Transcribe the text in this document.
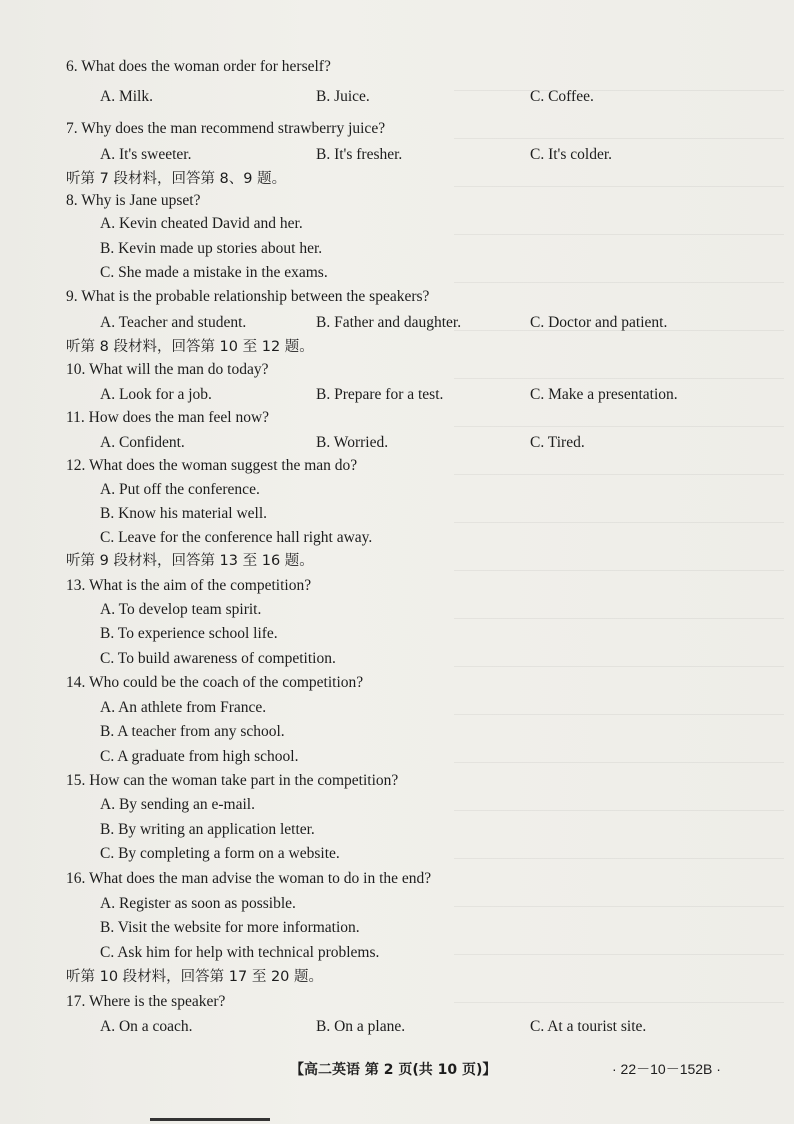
6. What does the woman order for herself?
A. Milk.	B. Juice.	C. Coffee.
7. Why does the man recommend strawberry juice?
A. It's sweeter.	B. It's fresher.	C. It's colder.
听第 7 段材料，回答第 8、9 题。
8. Why is Jane upset?
A. Kevin cheated David and her.
B. Kevin made up stories about her.
C. She made a mistake in the exams.
9. What is the probable relationship between the speakers?
A. Teacher and student.	B. Father and daughter.	C. Doctor and patient.
听第 8 段材料，回答第 10 至 12 题。
10. What will the man do today?
A. Look for a job.	B. Prepare for a test.	C. Make a presentation.
11. How does the man feel now?
A. Confident.	B. Worried.	C. Tired.
12. What does the woman suggest the man do?
A. Put off the conference.
B. Know his material well.
C. Leave for the conference hall right away.
听第 9 段材料，回答第 13 至 16 题。
13. What is the aim of the competition?
A. To develop team spirit.
B. To experience school life.
C. To build awareness of competition.
14. Who could be the coach of the competition?
A. An athlete from France.
B. A teacher from any school.
C. A graduate from high school.
15. How can the woman take part in the competition?
A. By sending an e-mail.
B. By writing an application letter.
C. By completing a form on a website.
16. What does the man advise the woman to do in the end?
A. Register as soon as possible.
B. Visit the website for more information.
C. Ask him for help with technical problems.
听第 10 段材料，回答第 17 至 20 题。
17. Where is the speaker?
A. On a coach.	B. On a plane.	C. At a tourist site.
【高二英语 第 2 页(共 10 页)】	· 22－10－152B ·
